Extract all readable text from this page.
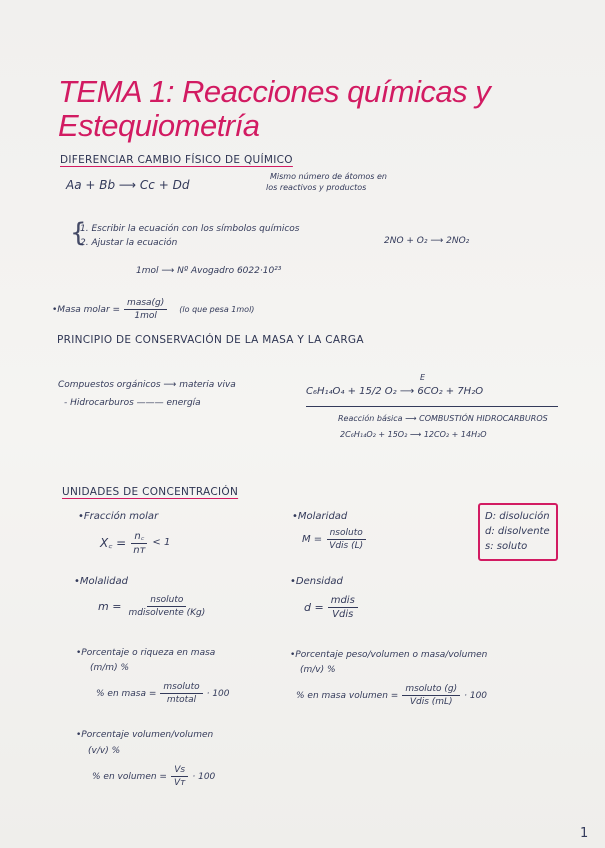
TEMA 1: Reacciones químicas y
Estequiometría
DIFERENCIAR CAMBIO FÍSICO DE QUÍMICO
Aa + Bb ⟶ Cc + Dd
Mismo número de átomos en
los reactivos y productos
{
1. Escribir la ecuación con los símbolos químicos
2. Ajustar la ecuación	2NO + O₂ ⟶ 2NO₂
1mol ⟶ Nº Avogadro 6022·10²³
•Masa molar = $\frac{\text{masa(g)}}{\text{1mol}} (lo$ que pesa 1mol)
PRINCIPIO DE CONSERVACIÓN DE LA MASA Y LA CARGA
Compuestos orgánicos ⟶ materia viva
- Hidrocarburos ——— energía
E
C₆H₁₄O₄ + 15/2 O₂ ⟶ 6CO₂ + 7H₂O
Reacción básica ⟶ COMBUSTIÓN HIDROCARBUROS
2C₆H₁₄O₂ + 15O₂ ⟶ 12CO₂ + 14H₂O
UNIDADES DE CONCENTRACIÓN
•Fracción molar
X꜀ = $\frac{n꜀}{\text{nᴛ}} < 1$
•Molaridad
$M = \frac{\text{nsoluto}}{\text{Vdis (L)}}$
D: disolución
d: disolvente
s: soluto
•Molalidad
$m = \frac{\text{nsoluto}}{\text{mdisolvente (Kg)}}$
•Densidad
$d = \frac{\text{mdis}}{\text{Vdis}}$
•Porcentaje o riqueza en masa
(m/m) %
% en masa = $\frac{\text{msoluto}}{\text{mtotal}} \cdot 100$
•Porcentaje peso/volumen o masa/volumen
(m/v) %
% en masa volumen = $\frac{\text{msoluto (g)}}{\text{Vdis (mL)}} \cdot 100$
•Porcentaje volumen/volumen
(v/v) %
% en volumen = $\frac{Vs}{\text{Vᴛ}} \cdot 100$
1
